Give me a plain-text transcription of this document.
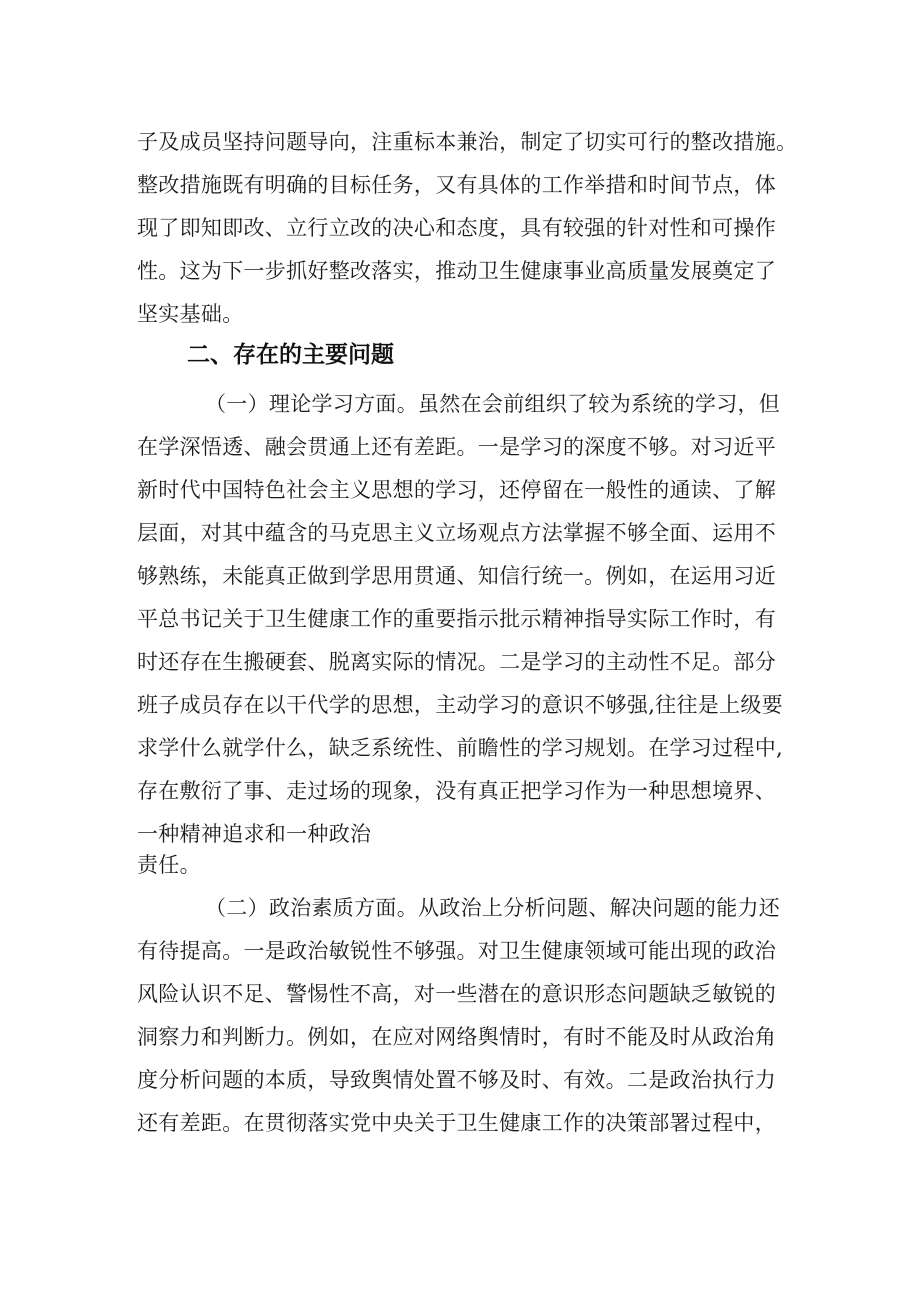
子及成员坚持问题导向，注重标本兼治，制定了切实可行的整改措施。
整改措施既有明确的目标任务，又有具体的工作举措和时间节点，体
现了即知即改、立行立改的决心和态度，具有较强的针对性和可操作
性。这为下一步抓好整改落实，推动卫生健康事业高质量发展奠定了
坚实基础。
二、存在的主要问题
（一）理论学习方面。虽然在会前组织了较为系统的学习，但
在学深悟透、融会贯通上还有差距。一是学习的深度不够。对习近平
新时代中国特色社会主义思想的学习，还停留在一般性的通读、了解
层面，对其中蕴含的马克思主义立场观点方法掌握不够全面、运用不
够熟练，未能真正做到学思用贯通、知信行统一。例如，在运用习近
平总书记关于卫生健康工作的重要指示批示精神指导实际工作时，有
时还存在生搬硬套、脱离实际的情况。二是学习的主动性不足。部分
班子成员存在以干代学的思想，主动学习的意识不够强,往往是上级要
求学什么就学什么，缺乏系统性、前瞻性的学习规划。在学习过程中,
存在敷衍了事、走过场的现象，没有真正把学习作为一种思想境界、
一种精神追求和一种政治
责任。
（二）政治素质方面。从政治上分析问题、解决问题的能力还
有待提高。一是政治敏锐性不够强。对卫生健康领域可能出现的政治
风险认识不足、警惕性不高，对一些潜在的意识形态问题缺乏敏锐的
洞察力和判断力。例如，在应对网络舆情时，有时不能及时从政治角
度分析问题的本质，导致舆情处置不够及时、有效。二是政治执行力
还有差距。在贯彻落实党中央关于卫生健康工作的决策部署过程中，
